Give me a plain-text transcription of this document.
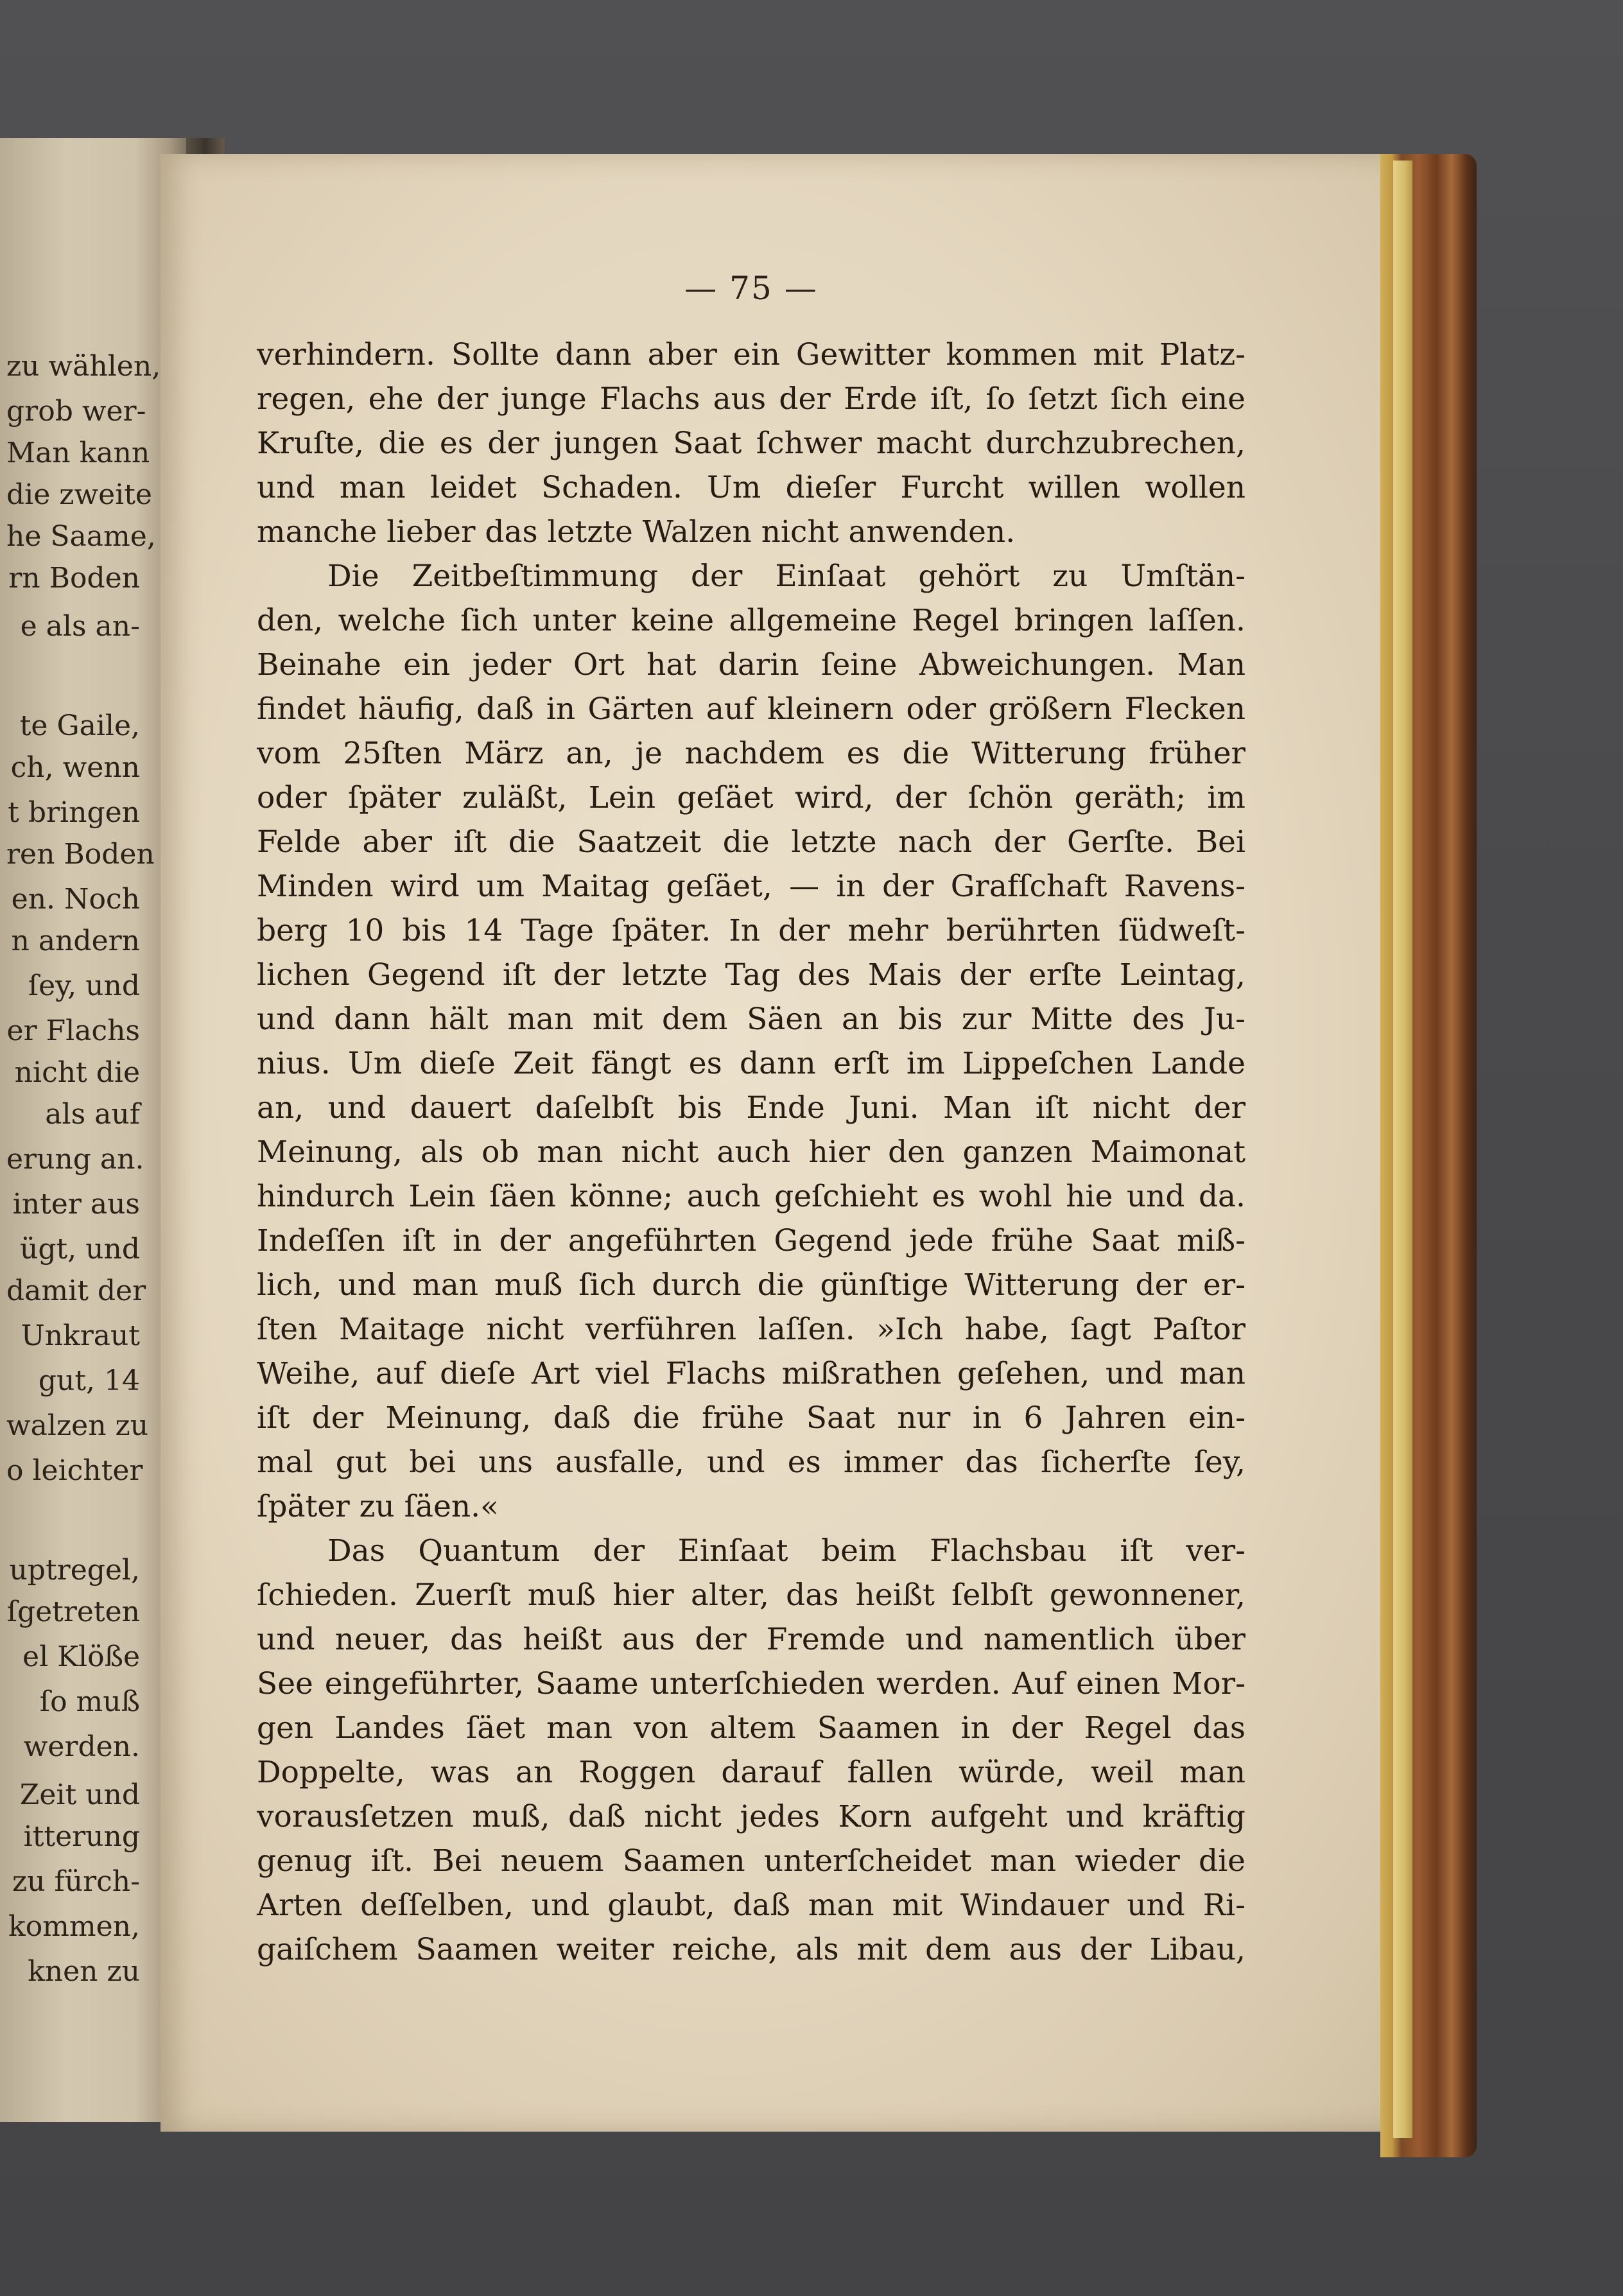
zu wählen,
grob wer-
Man kann
die zweite
he Saame,
rn Boden
e als an-
te Gaile,
ch, wenn
t bringen
ren Boden
en. Noch
n andern
ſey, und
er Flachs
nicht die
als auf
erung an.
inter aus
ügt, und
damit der
Unkraut
gut, 14
walzen zu
o leichter
uptregel,
ſgetreten
el Klöße
ſo muß
werden.
Zeit und
itterung
zu fürch-
kommen,
knen zu
— 75 —
verhindern. Sollte dann aber ein Gewitter kommen mit Platz-
regen, ehe der junge Flachs aus der Erde iſt, ſo ſetzt ſich eine
Kruſte, die es der jungen Saat ſchwer macht durchzubrechen,
und man leidet Schaden. Um dieſer Furcht willen wollen
manche lieber das letzte Walzen nicht anwenden.
Die Zeitbeſtimmung der Einſaat gehört zu Umſtän-
den, welche ſich unter keine allgemeine Regel bringen laſſen.
Beinahe ein jeder Ort hat darin ſeine Abweichungen. Man
findet häufig, daß in Gärten auf kleinern oder größern Flecken
vom 25ſten März an, je nachdem es die Witterung früher
oder ſpäter zuläßt, Lein geſäet wird, der ſchön geräth; im
Felde aber iſt die Saatzeit die letzte nach der Gerſte. Bei
Minden wird um Maitag geſäet, — in der Grafſchaft Ravens-
berg 10 bis 14 Tage ſpäter. In der mehr berührten ſüdweſt-
lichen Gegend iſt der letzte Tag des Mais der erſte Leintag,
und dann hält man mit dem Säen an bis zur Mitte des Ju-
nius. Um dieſe Zeit fängt es dann erſt im Lippeſchen Lande
an, und dauert daſelbſt bis Ende Juni. Man iſt nicht der
Meinung, als ob man nicht auch hier den ganzen Maimonat
hindurch Lein ſäen könne; auch geſchieht es wohl hie und da.
Indeſſen iſt in der angeführten Gegend jede frühe Saat miß-
lich, und man muß ſich durch die günſtige Witterung der er-
ſten Maitage nicht verführen laſſen. »Ich habe, ſagt Paſtor
Weihe, auf dieſe Art viel Flachs mißrathen geſehen, und man
iſt der Meinung, daß die frühe Saat nur in 6 Jahren ein-
mal gut bei uns ausfalle, und es immer das ſicherſte ſey,
ſpäter zu ſäen.«
Das Quantum der Einſaat beim Flachsbau iſt ver-
ſchieden. Zuerſt muß hier alter, das heißt ſelbſt gewonnener,
und neuer, das heißt aus der Fremde und namentlich über
See eingeführter, Saame unterſchieden werden. Auf einen Mor-
gen Landes ſäet man von altem Saamen in der Regel das
Doppelte, was an Roggen darauf fallen würde, weil man
vorausſetzen muß, daß nicht jedes Korn aufgeht und kräftig
genug iſt. Bei neuem Saamen unterſcheidet man wieder die
Arten deſſelben, und glaubt, daß man mit Windauer und Ri-
gaiſchem Saamen weiter reiche, als mit dem aus der Libau,
